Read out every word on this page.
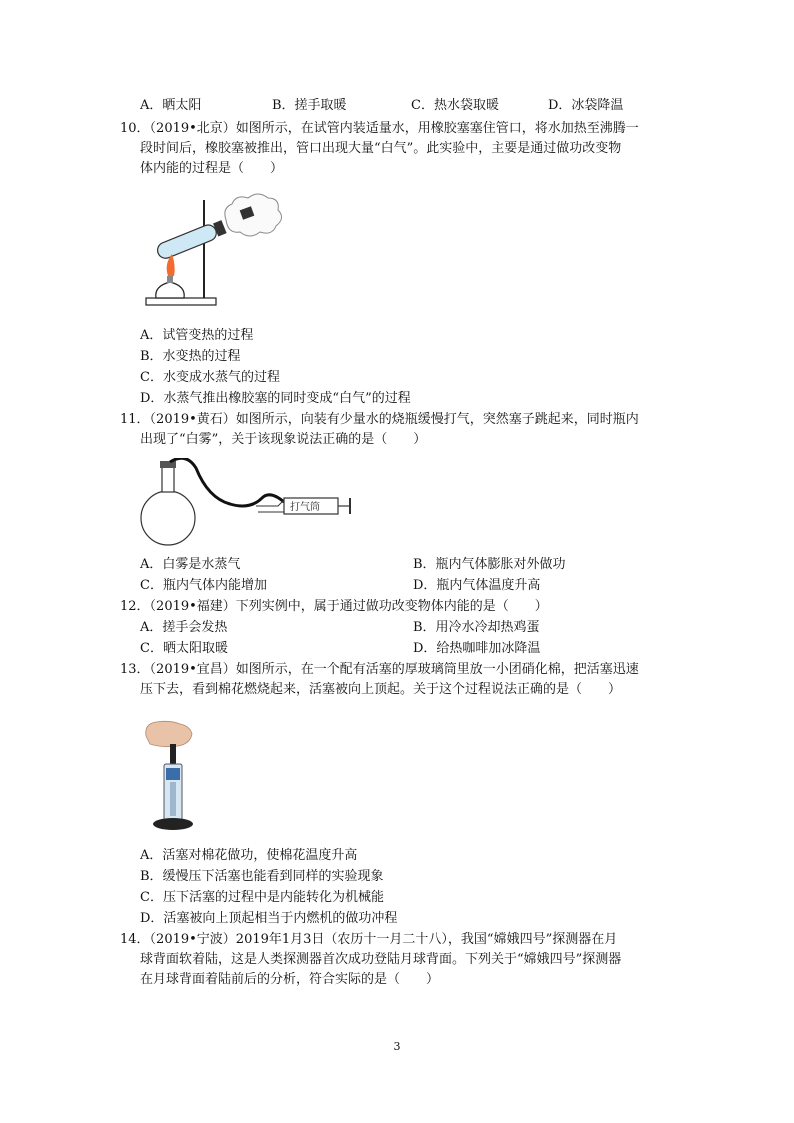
A．晒太阳	B．搓手取暖	C．热水袋取暖	D．冰袋降温
10．（2019•北京）如图所示，在试管内装适量水，用橡胶塞塞住管口，将水加热至沸腾一
段时间后，橡胶塞被推出，管口出现大量“白气”。此实验中，主要是通过做功改变物
体内能的过程是（　　）
A．试管变热的过程
B．水变热的过程
C．水变成水蒸气的过程
D．水蒸气推出橡胶塞的同时变成“白气”的过程
11．（2019•黄石）如图所示，向装有少量水的烧瓶缓慢打气，突然塞子跳起来，同时瓶内
出现了“白雾”，关于该现象说法正确的是（　　）
打气筒
A．白雾是水蒸气	B．瓶内气体膨胀对外做功
C．瓶内气体内能增加	D．瓶内气体温度升高
12．（2019•福建）下列实例中，属于通过做功改变物体内能的是（　　）
A．搓手会发热	B．用冷水冷却热鸡蛋
C．晒太阳取暖	D．给热咖啡加冰降温
13．（2019•宜昌）如图所示，在一个配有活塞的厚玻璃筒里放一小团硝化棉，把活塞迅速
压下去，看到棉花燃烧起来，活塞被向上顶起。关于这个过程说法正确的是（　　）
A．活塞对棉花做功，使棉花温度升高
B．缓慢压下活塞也能看到同样的实验现象
C．压下活塞的过程中是内能转化为机械能
D．活塞被向上顶起相当于内燃机的做功冲程
14．（2019•宁波）2019年1月3日（农历十一月二十八），我国“嫦娥四号”探测器在月
球背面软着陆，这是人类探测器首次成功登陆月球背面。下列关于“嫦娥四号”探测器
在月球背面着陆前后的分析，符合实际的是（　　）
3
